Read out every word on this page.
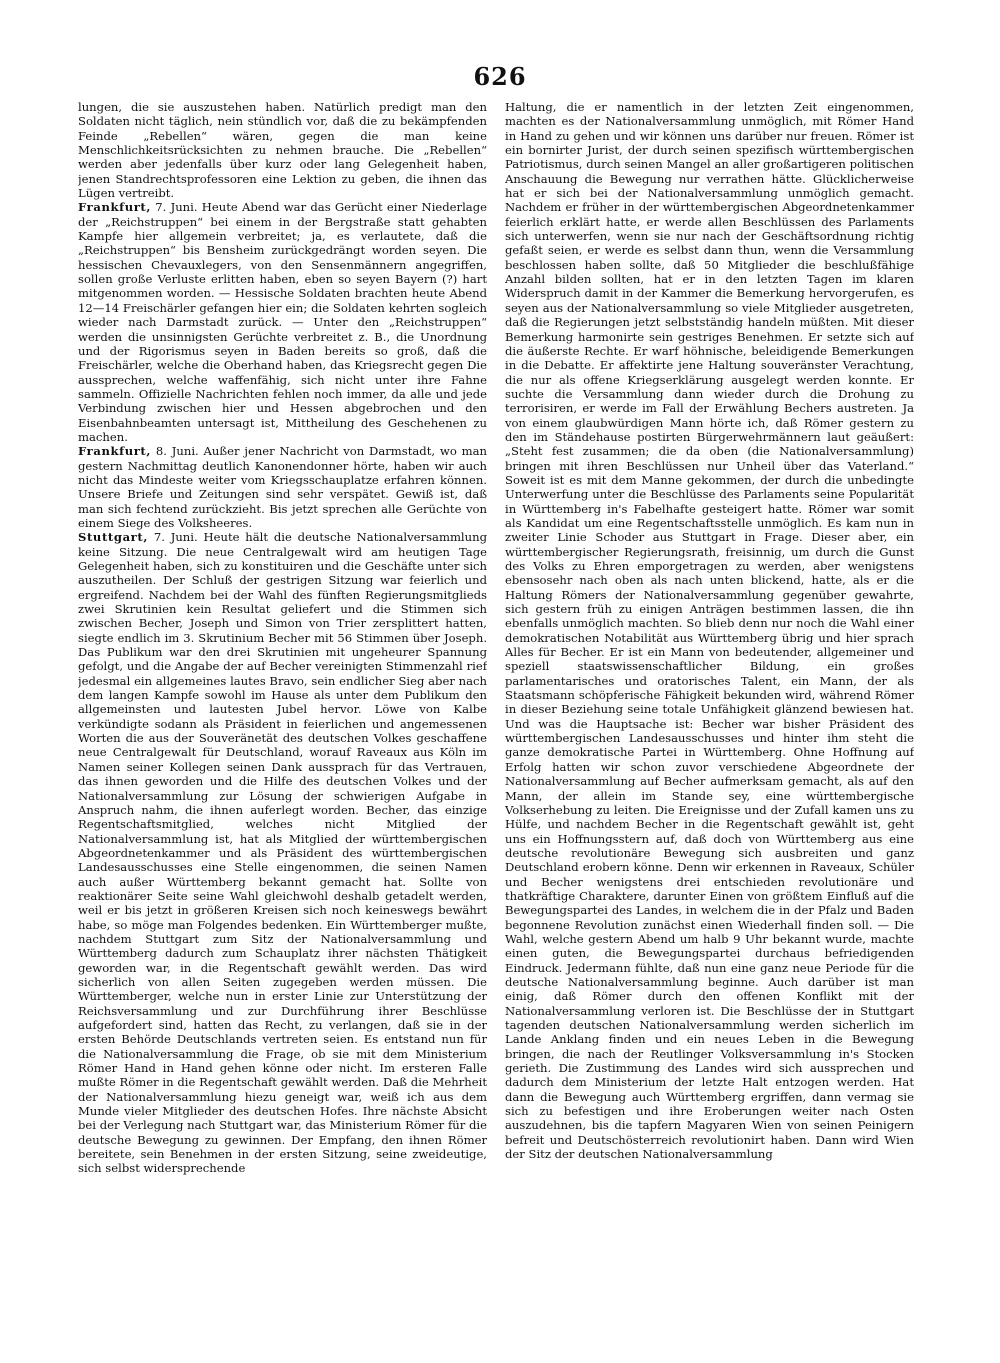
626

lungen, die sie auszustehen haben. Natürlich predigt man den Soldaten nicht täglich, nein stündlich vor, daß die zu bekämpfenden Feinde „Rebellen“ wären, gegen die man keine Menschlichkeitsrücksichten zu nehmen brauche. Die „Rebellen“ werden aber jedenfalls über kurz oder lang Gelegenheit haben, jenen Standrechtsprofessoren eine Lektion zu geben, die ihnen das Lügen vertreibt.

Frankfurt, 7. Juni. Heute Abend war das Gerücht einer Niederlage der „Reichstruppen“ bei einem in der Bergstraße statt gehabten Kampfe hier allgemein verbreitet; ja, es verlautete, daß die „Reichstruppen“ bis Bensheim zurückgedrängt worden seyen. Die hessischen Chevauxlegers, von den Sensenmännern angegriffen, sollen große Verluste erlitten haben, eben so seyen Bayern (?) hart mitgenommen worden. — Hessische Soldaten brachten heute Abend 12—14 Freischärler gefangen hier ein; die Soldaten kehrten sogleich wieder nach Darmstadt zurück. — Unter den „Reichstruppen“ werden die unsinnigsten Gerüchte verbreitet z. B., die Unordnung und der Rigorismus seyen in Baden bereits so groß, daß die Freischärler, welche die Oberhand haben, das Kriegsrecht gegen Die aussprechen, welche waffenfähig, sich nicht unter ihre Fahne sammeln. Offizielle Nachrichten fehlen noch immer, da alle und jede Verbindung zwischen hier und Hessen abgebrochen und den Eisenbahnbeamten untersagt ist, Mittheilung des Geschehenen zu machen.

Frankfurt, 8. Juni. Außer jener Nachricht von Darmstadt, wo man gestern Nachmittag deutlich Kanonendonner hörte, haben wir auch nicht das Mindeste weiter vom Kriegsschauplatze erfahren können. Unsere Briefe und Zeitungen sind sehr verspätet. Gewiß ist, daß man sich fechtend zurückzieht. Bis jetzt sprechen alle Gerüchte von einem Siege des Volksheeres.

Stuttgart, 7. Juni. Heute hält die deutsche Nationalversammlung keine Sitzung. Die neue Centralgewalt wird am heutigen Tage Gelegenheit haben, sich zu konstituiren und die Geschäfte unter sich auszutheilen. Der Schluß der gestrigen Sitzung war feierlich und ergreifend. Nachdem bei der Wahl des fünften Regierungsmitglieds zwei Skrutinien kein Resultat geliefert und die Stimmen sich zwischen Becher, Joseph und Simon von Trier zersplittert hatten, siegte endlich im 3. Skrutinium Becher mit 56 Stimmen über Joseph. Das Publikum war den drei Skrutinien mit ungeheurer Spannung gefolgt, und die Angabe der auf Becher vereinigten Stimmenzahl rief jedesmal ein allgemeines lautes Bravo, sein endlicher Sieg aber nach dem langen Kampfe sowohl im Hause als unter dem Publikum den allgemeinsten und lautesten Jubel hervor. Löwe von Kalbe verkündigte sodann als Präsident in feierlichen und angemessenen Worten die aus der Souveränetät des deutschen Volkes geschaffene neue Centralgewalt für Deutschland, worauf Raveaux aus Köln im Namen seiner Kollegen seinen Dank aussprach für das Vertrauen, das ihnen geworden und die Hilfe des deutschen Volkes und der Nationalversammlung zur Lösung der schwierigen Aufgabe in Anspruch nahm, die ihnen auferlegt worden. Becher, das einzige Regentschaftsmitglied, welches nicht Mitglied der Nationalversammlung ist, hat als Mitglied der württembergischen Abgeordnetenkammer und als Präsident des württembergischen Landesausschusses eine Stelle eingenommen, die seinen Namen auch außer Württemberg bekannt gemacht hat. Sollte von reaktionärer Seite seine Wahl gleichwohl deshalb getadelt werden, weil er bis jetzt in größeren Kreisen sich noch keineswegs bewährt habe, so möge man Folgendes bedenken. Ein Württemberger mußte, nachdem Stuttgart zum Sitz der Nationalversammlung und Württemberg dadurch zum Schauplatz ihrer nächsten Thätigkeit geworden war, in die Regentschaft gewählt werden. Das wird sicherlich von allen Seiten zugegeben werden müssen. Die Württemberger, welche nun in erster Linie zur Unterstützung der Reichsversammlung und zur Durchführung ihrer Beschlüsse aufgefordert sind, hatten das Recht, zu verlangen, daß sie in der ersten Behörde Deutschlands vertreten seien. Es entstand nun für die Nationalversammlung die Frage, ob sie mit dem Ministerium Römer Hand in Hand gehen könne oder nicht. Im ersteren Falle mußte Römer in die Regentschaft gewählt werden. Daß die Mehrheit der Nationalversammlung hiezu geneigt war, weiß ich aus dem Munde vieler Mitglieder des deutschen Hofes. Ihre nächste Absicht bei der Verlegung nach Stuttgart war, das Ministerium Römer für die deutsche Bewegung zu gewinnen. Der Empfang, den ihnen Römer bereitete, sein Benehmen in der ersten Sitzung, seine zweideutige, sich selbst widersprechende

Haltung, die er namentlich in der letzten Zeit eingenommen, machten es der Nationalversammlung unmöglich, mit Römer Hand in Hand zu gehen und wir können uns darüber nur freuen. Römer ist ein bornirter Jurist, der durch seinen spezifisch württembergischen Patriotismus, durch seinen Mangel an aller großartigeren politischen Anschauung die Bewegung nur verrathen hätte. Glücklicherweise hat er sich bei der Nationalversammlung unmöglich gemacht. Nachdem er früher in der württembergischen Abgeordnetenkammer feierlich erklärt hatte, er werde allen Beschlüssen des Parlaments sich unterwerfen, wenn sie nur nach der Geschäftsordnung richtig gefaßt seien, er werde es selbst dann thun, wenn die Versammlung beschlossen haben sollte, daß 50 Mitglieder die beschlußfähige Anzahl bilden sollten, hat er in den letzten Tagen im klaren Widerspruch damit in der Kammer die Bemerkung hervorgerufen, es seyen aus der Nationalversammlung so viele Mitglieder ausgetreten, daß die Regierungen jetzt selbstständig handeln müßten. Mit dieser Bemerkung harmonirte sein gestriges Benehmen. Er setzte sich auf die äußerste Rechte. Er warf höhnische, beleidigende Bemerkungen in die Debatte. Er affektirte jene Haltung souveränster Verachtung, die nur als offene Kriegserklärung ausgelegt werden konnte. Er suchte die Versammlung dann wieder durch die Drohung zu terrorisiren, er werde im Fall der Erwählung Bechers austreten. Ja von einem glaubwürdigen Mann hörte ich, daß Römer gestern zu den im Ständehause postirten Bürgerwehrmännern laut geäußert: „Steht fest zusammen; die da oben (die Nationalversammlung) bringen mit ihren Beschlüssen nur Unheil über das Vaterland.“ Soweit ist es mit dem Manne gekommen, der durch die unbedingte Unterwerfung unter die Beschlüsse des Parlaments seine Popularität in Württemberg in's Fabelhafte gesteigert hatte. Römer war somit als Kandidat um eine Regentschaftsstelle unmöglich. Es kam nun in zweiter Linie Schoder aus Stuttgart in Frage. Dieser aber, ein württembergischer Regierungsrath, freisinnig, um durch die Gunst des Volks zu Ehren emporgetragen zu werden, aber wenigstens ebensosehr nach oben als nach unten blickend, hatte, als er die Haltung Römers der Nationalversammlung gegenüber gewahrte, sich gestern früh zu einigen Anträgen bestimmen lassen, die ihn ebenfalls unmöglich machten. So blieb denn nur noch die Wahl einer demokratischen Notabilität aus Württemberg übrig und hier sprach Alles für Becher. Er ist ein Mann von bedeutender, allgemeiner und speziell staatswissenschaftlicher Bildung, ein großes parlamentarisches und oratorisches Talent, ein Mann, der als Staatsmann schöpferische Fähigkeit bekunden wird, während Römer in dieser Beziehung seine totale Unfähigkeit glänzend bewiesen hat. Und was die Hauptsache ist: Becher war bisher Präsident des württembergischen Landesausschusses und hinter ihm steht die ganze demokratische Partei in Württemberg. Ohne Hoffnung auf Erfolg hatten wir schon zuvor verschiedene Abgeordnete der Nationalversammlung auf Becher aufmerksam gemacht, als auf den Mann, der allein im Stande sey, eine württembergische Volkserhebung zu leiten. Die Ereignisse und der Zufall kamen uns zu Hülfe, und nachdem Becher in die Regentschaft gewählt ist, geht uns ein Hoffnungsstern auf, daß doch von Württemberg aus eine deutsche revolutionäre Bewegung sich ausbreiten und ganz Deutschland erobern könne. Denn wir erkennen in Raveaux, Schüler und Becher wenigstens drei entschieden revolutionäre und thatkräftige Charaktere, darunter Einen von größtem Einfluß auf die Bewegungspartei des Landes, in welchem die in der Pfalz und Baden begonnene Revolution zunächst einen Wiederhall finden soll. — Die Wahl, welche gestern Abend um halb 9 Uhr bekannt wurde, machte einen guten, die Bewegungspartei durchaus befriedigenden Eindruck. Jedermann fühlte, daß nun eine ganz neue Periode für die deutsche Nationalversammlung beginne. Auch darüber ist man einig, daß Römer durch den offenen Konflikt mit der Nationalversammlung verloren ist. Die Beschlüsse der in Stuttgart tagenden deutschen Nationalversammlung werden sicherlich im Lande Anklang finden und ein neues Leben in die Bewegung bringen, die nach der Reutlinger Volksversammlung in's Stocken gerieth. Die Zustimmung des Landes wird sich aussprechen und dadurch dem Ministerium der letzte Halt entzogen werden. Hat dann die Bewegung auch Württemberg ergriffen, dann vermag sie sich zu befestigen und ihre Eroberungen weiter nach Osten auszudehnen, bis die tapfern Magyaren Wien von seinen Peinigern befreit und Deutschösterreich revolutionirt haben. Dann wird Wien der Sitz der deutschen Nationalversammlung
